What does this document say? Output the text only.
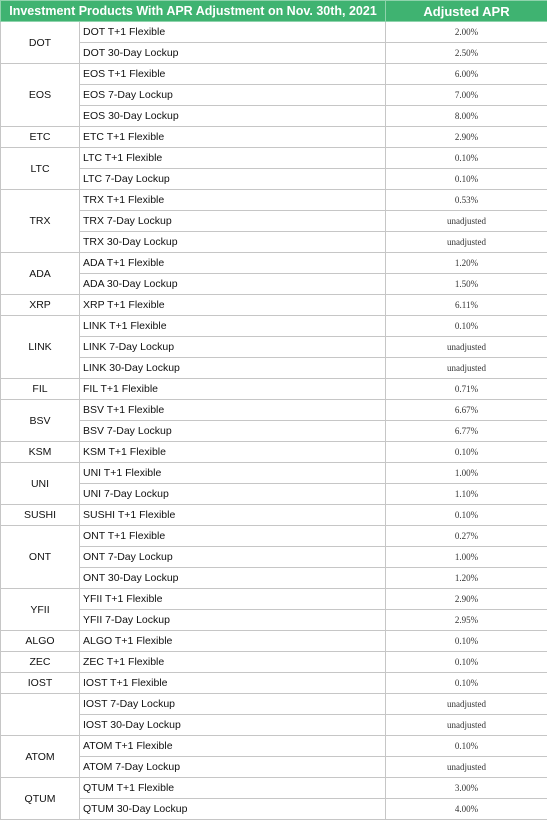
Investment Products With APR Adjustment on Nov. 30th, 2021		Adjusted APR
DOT	DOT T+1 Flexible	2.00%
	DOT 30-Day Lockup	2.50%
EOS	EOS T+1 Flexible	6.00%
	EOS 7-Day Lockup	7.00%
	EOS 30-Day Lockup	8.00%
ETC	ETC T+1 Flexible	2.90%
LTC	LTC T+1 Flexible	0.10%
	LTC 7-Day Lockup	0.10%
TRX	TRX T+1 Flexible	0.53%
	TRX 7-Day Lockup	unadjusted
	TRX 30-Day Lockup	unadjusted
ADA	ADA T+1 Flexible	1.20%
	ADA 30-Day Lockup	1.50%
XRP	XRP T+1 Flexible	6.11%
LINK	LINK T+1 Flexible	0.10%
	LINK 7-Day Lockup	unadjusted
	LINK 30-Day Lockup	unadjusted
FIL	FIL T+1 Flexible	0.71%
BSV	BSV T+1 Flexible	6.67%
	BSV 7-Day Lockup	6.77%
KSM	KSM T+1 Flexible	0.10%
UNI	UNI T+1 Flexible	1.00%
	UNI 7-Day Lockup	1.10%
SUSHI	SUSHI T+1 Flexible	0.10%
ONT	ONT T+1 Flexible	0.27%
	ONT 7-Day Lockup	1.00%
	ONT 30-Day Lockup	1.20%
YFII	YFII T+1 Flexible	2.90%
	YFII 7-Day Lockup	2.95%
ALGO	ALGO T+1 Flexible	0.10%
ZEC	ZEC T+1 Flexible	0.10%
IOST	IOST T+1 Flexible	0.10%
	IOST 7-Day Lockup	unadjusted
	IOST 30-Day Lockup	unadjusted
ATOM	ATOM T+1 Flexible	0.10%
	ATOM 7-Day Lockup	unadjusted
QTUM	QTUM T+1 Flexible	3.00%
	QTUM 30-Day Lockup	4.00%
